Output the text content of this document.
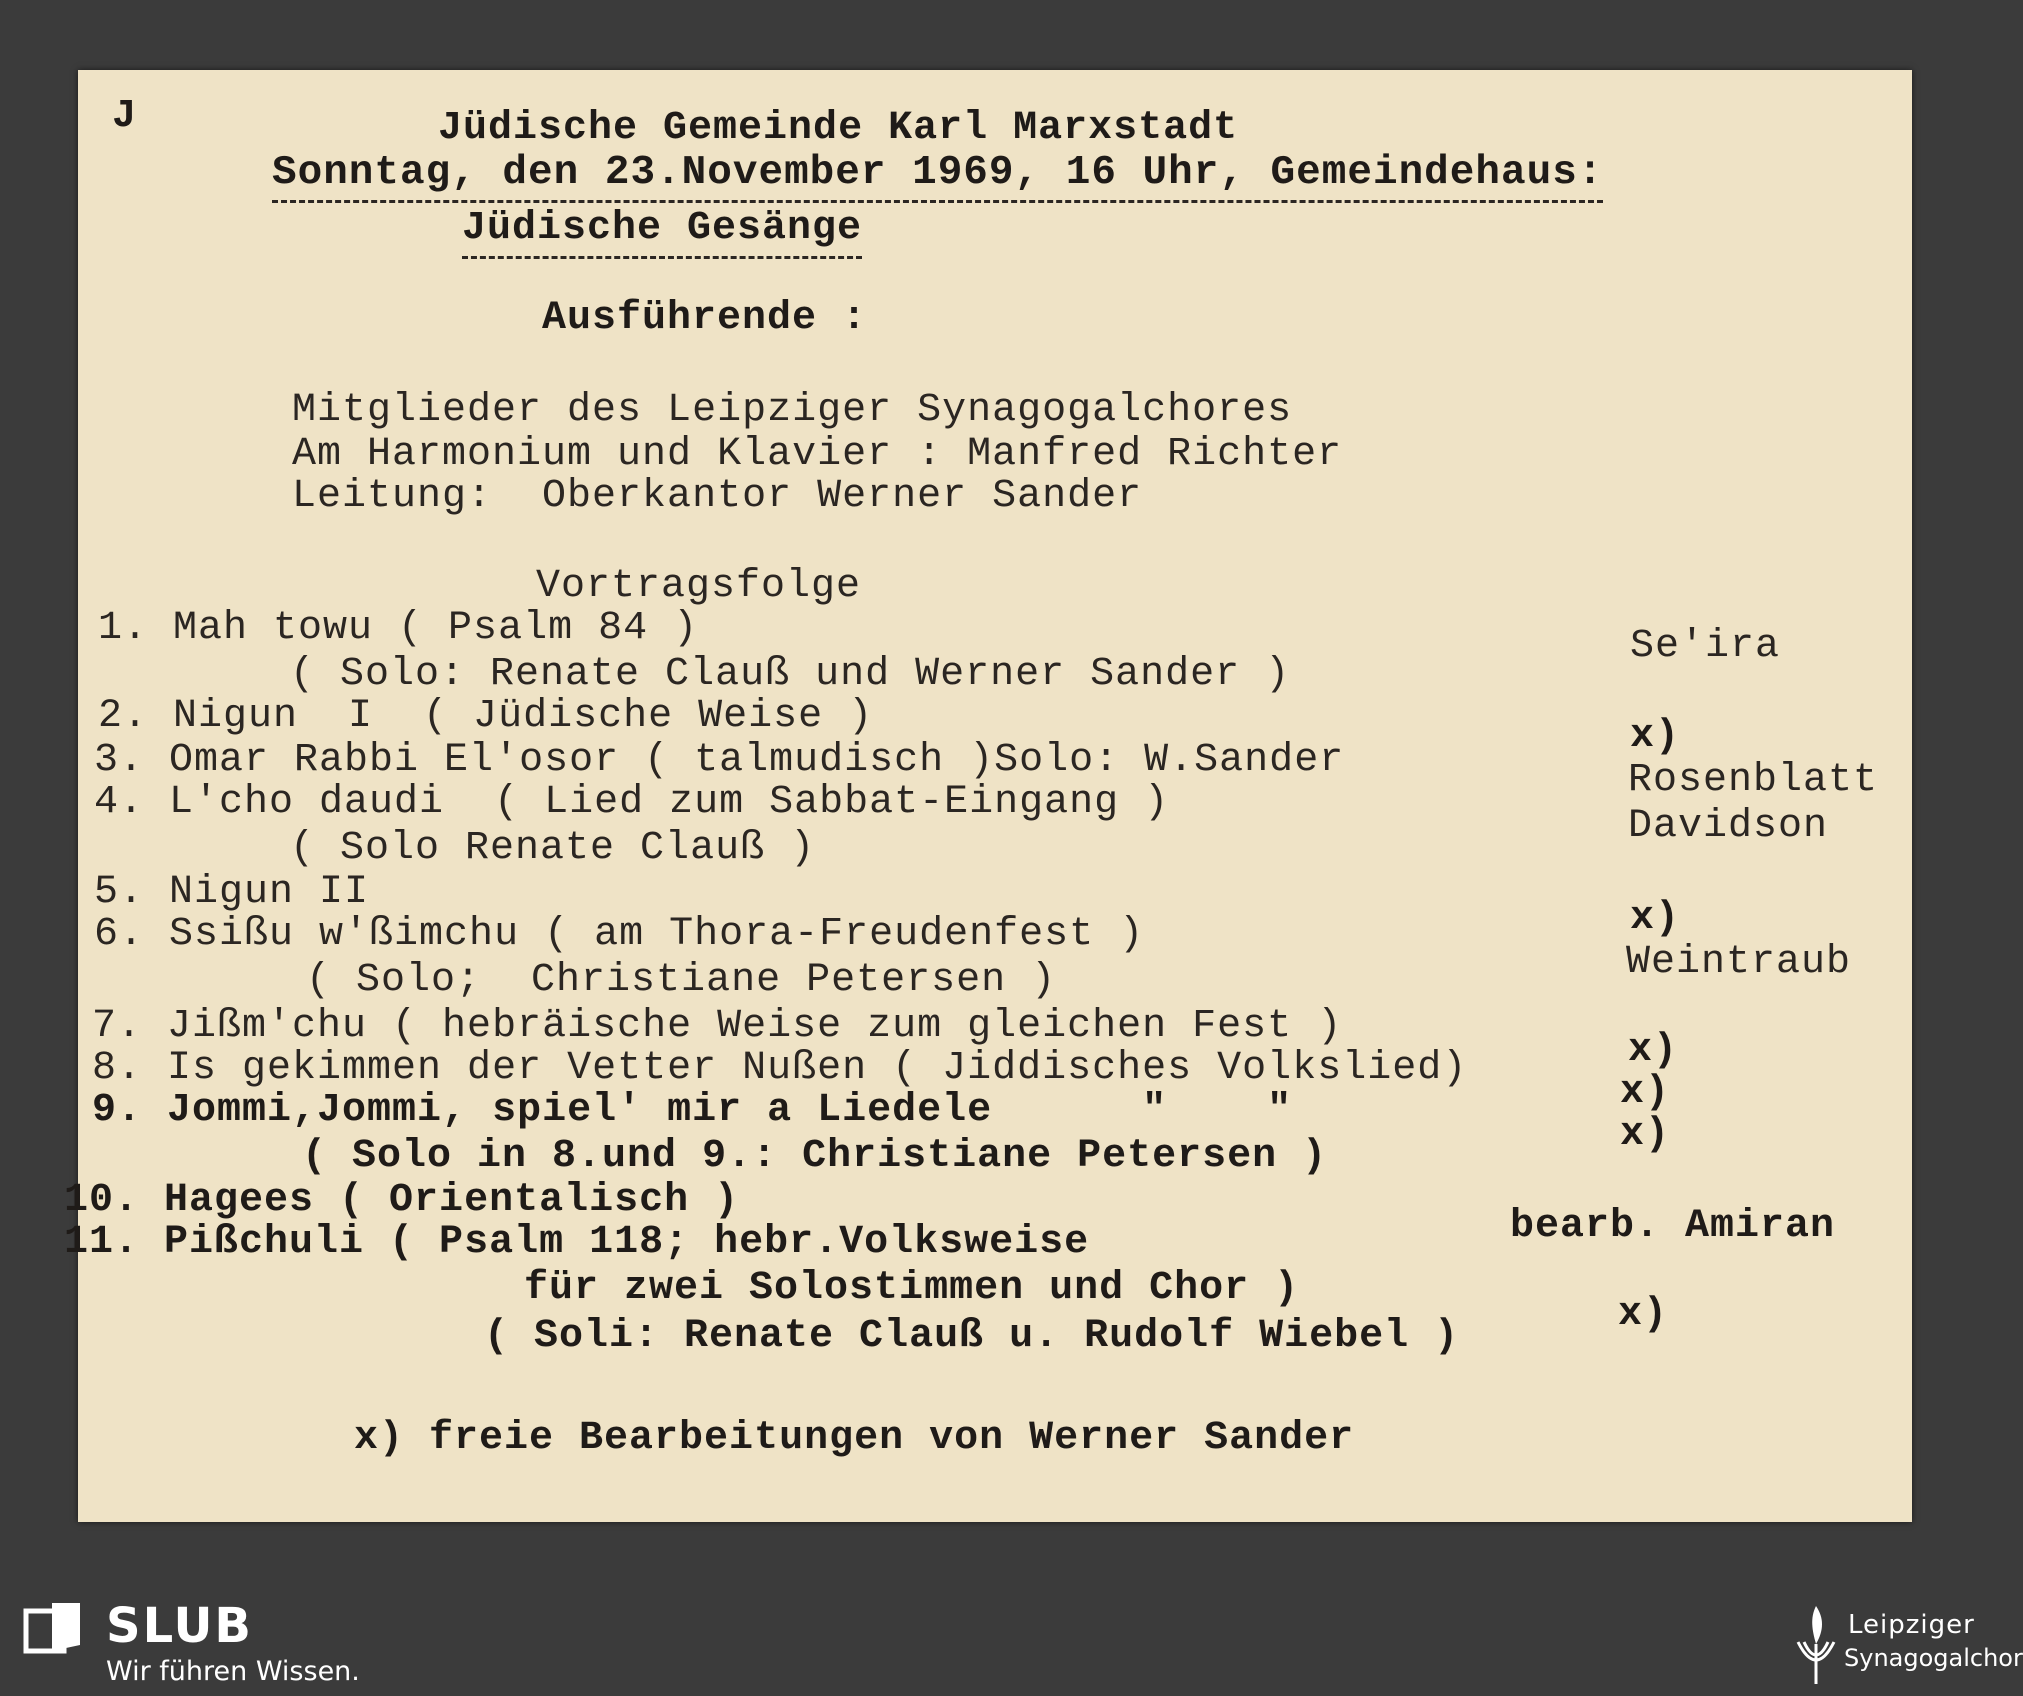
J	Jüdische Gemeinde Karl Marxstadt
Sonntag, den 23.November 1969, 16 Uhr, Gemeindehaus:
Jüdische Gesänge
Ausführende :
Mitglieder des Leipziger Synagogalchores
Am Harmonium und Klavier : Manfred Richter
Leitung:  Oberkantor Werner Sander
Vortragsfolge
1. Mah towu ( Psalm 84 )
( Solo: Renate Clauß und Werner Sander )
2. Nigun  I  ( Jüdische Weise )
3. Omar Rabbi El'osor ( talmudisch )Solo: W.Sander
4. L'cho daudi  ( Lied zum Sabbat-Eingang )
( Solo Renate Clauß )
5. Nigun II
6. Ssißu w'ßimchu ( am Thora-Freudenfest )
( Solo;  Christiane Petersen )
7. Jißm'chu ( hebräische Weise zum gleichen Fest )
8. Is gekimmen der Vetter Nußen ( Jiddisches Volkslied)
9. Jommi,Jommi, spiel' mir a Liedele      "    "
( Solo in 8.und 9.: Christiane Petersen )
10. Hagees ( Orientalisch )
11. Pißchuli ( Psalm 118; hebr.Volksweise
für zwei Solostimmen und Chor )
( Soli: Renate Clauß u. Rudolf Wiebel )
Se'ira
x)
Rosenblatt
Davidson
x)
Weintraub
x)
x)
x)
bearb. Amiran
x)
x) freie Bearbeitungen von Werner Sander
SLUB
Wir führen Wissen.
Leipziger
Synagogalchor
